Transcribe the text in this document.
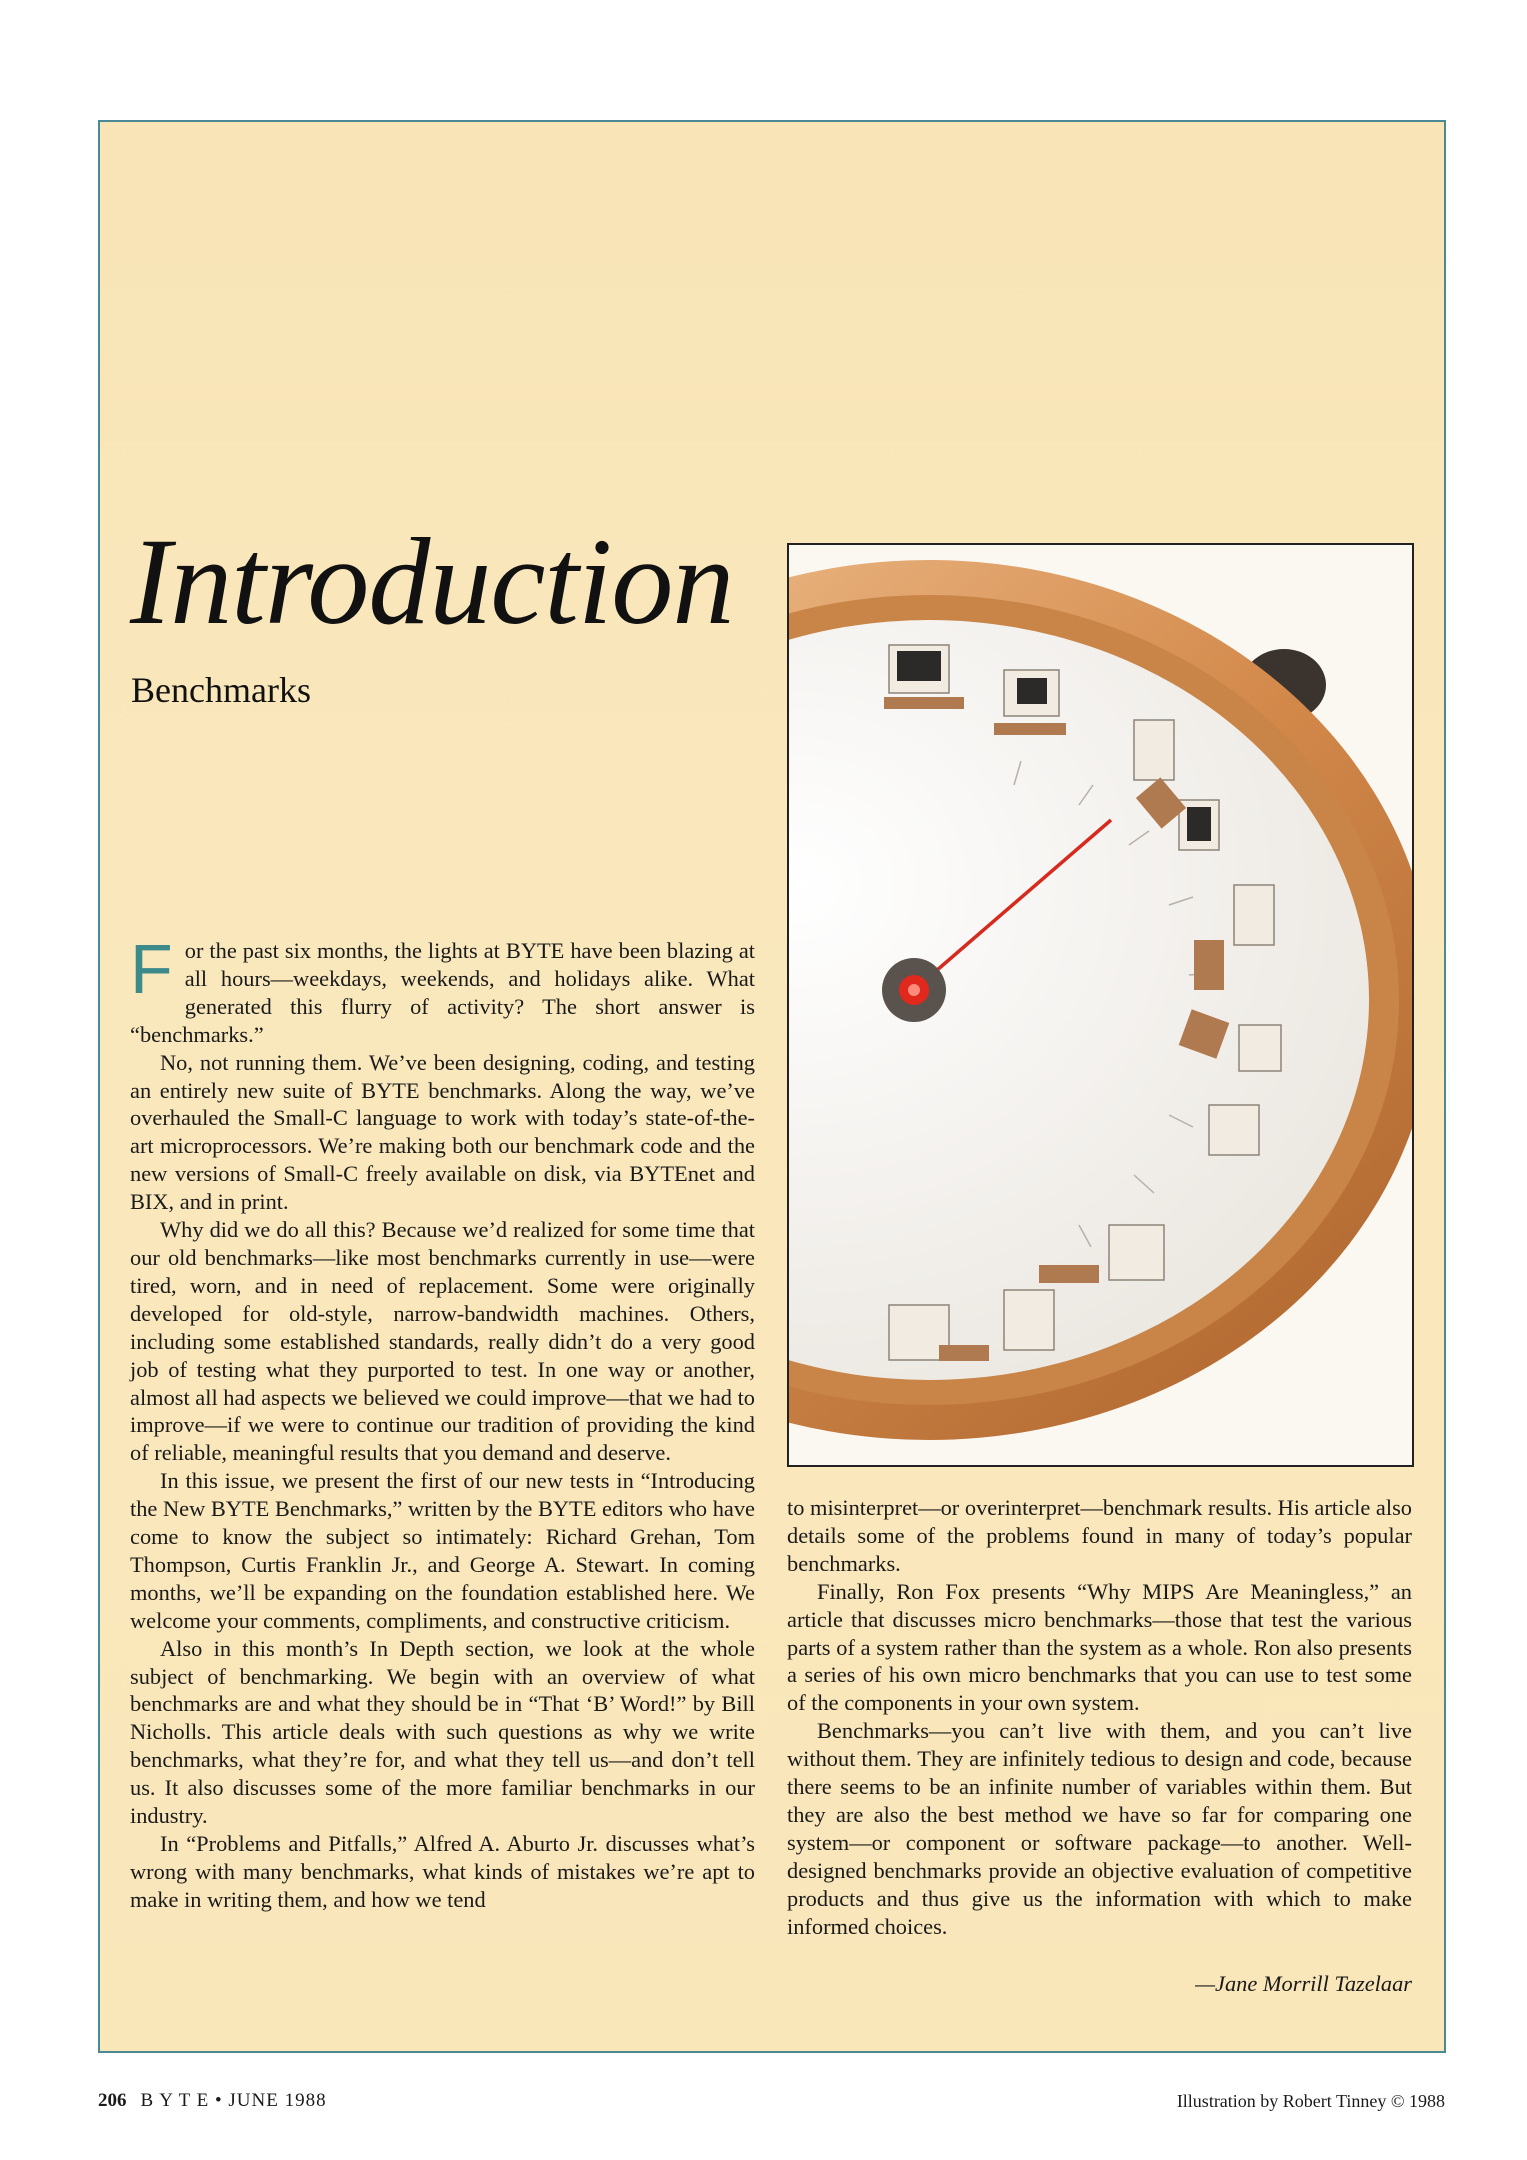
Introduction
Benchmarks

For the past six months, the lights at BYTE have been blazing at all hours—weekdays, weekends, and holidays alike. What generated this flurry of activity? The short answer is “benchmarks.”

No, not running them. We’ve been designing, coding, and testing an entirely new suite of BYTE benchmarks. Along the way, we’ve overhauled the Small-C language to work with today’s state-of-the-art microprocessors. We’re making both our benchmark code and the new versions of Small-C freely available on disk, via BYTEnet and BIX, and in print.

Why did we do all this? Because we’d realized for some time that our old benchmarks—like most benchmarks currently in use—were tired, worn, and in need of replacement. Some were originally developed for old-style, narrow-bandwidth machines. Others, including some established standards, really didn’t do a very good job of testing what they purported to test. In one way or another, almost all had aspects we believed we could improve—that we had to improve—if we were to continue our tradition of providing the kind of reliable, meaningful results that you demand and deserve.

In this issue, we present the first of our new tests in “Introducing the New BYTE Benchmarks,” written by the BYTE editors who have come to know the subject so intimately: Richard Grehan, Tom Thompson, Curtis Franklin Jr., and George A. Stewart. In coming months, we’ll be expanding on the foundation established here. We welcome your comments, compliments, and constructive criticism.

Also in this month’s In Depth section, we look at the whole subject of benchmarking. We begin with an overview of what benchmarks are and what they should be in “That ‘B’ Word!” by Bill Nicholls. This article deals with such questions as why we write benchmarks, what they’re for, and what they tell us—and don’t tell us. It also discusses some of the more familiar benchmarks in our industry.

In “Problems and Pitfalls,” Alfred A. Aburto Jr. discusses what’s wrong with many benchmarks, what kinds of mistakes we’re apt to make in writing them, and how we tend

to misinterpret—or overinterpret—benchmark results. His article also details some of the problems found in many of today’s popular benchmarks.

Finally, Ron Fox presents “Why MIPS Are Meaningless,” an article that discusses micro benchmarks—those that test the various parts of a system rather than the system as a whole. Ron also presents a series of his own micro benchmarks that you can use to test some of the components in your own system.

Benchmarks—you can’t live with them, and you can’t live without them. They are infinitely tedious to design and code, because there seems to be an infinite number of variables within them. But they are also the best method we have so far for comparing one system—or component or software package—to another. Well-designed benchmarks provide an objective evaluation of competitive products and thus give us the information with which to make informed choices.

—Jane Morrill Tazelaar
206 B Y T E • JUNE 1988	Illustration by Robert Tinney © 1988
